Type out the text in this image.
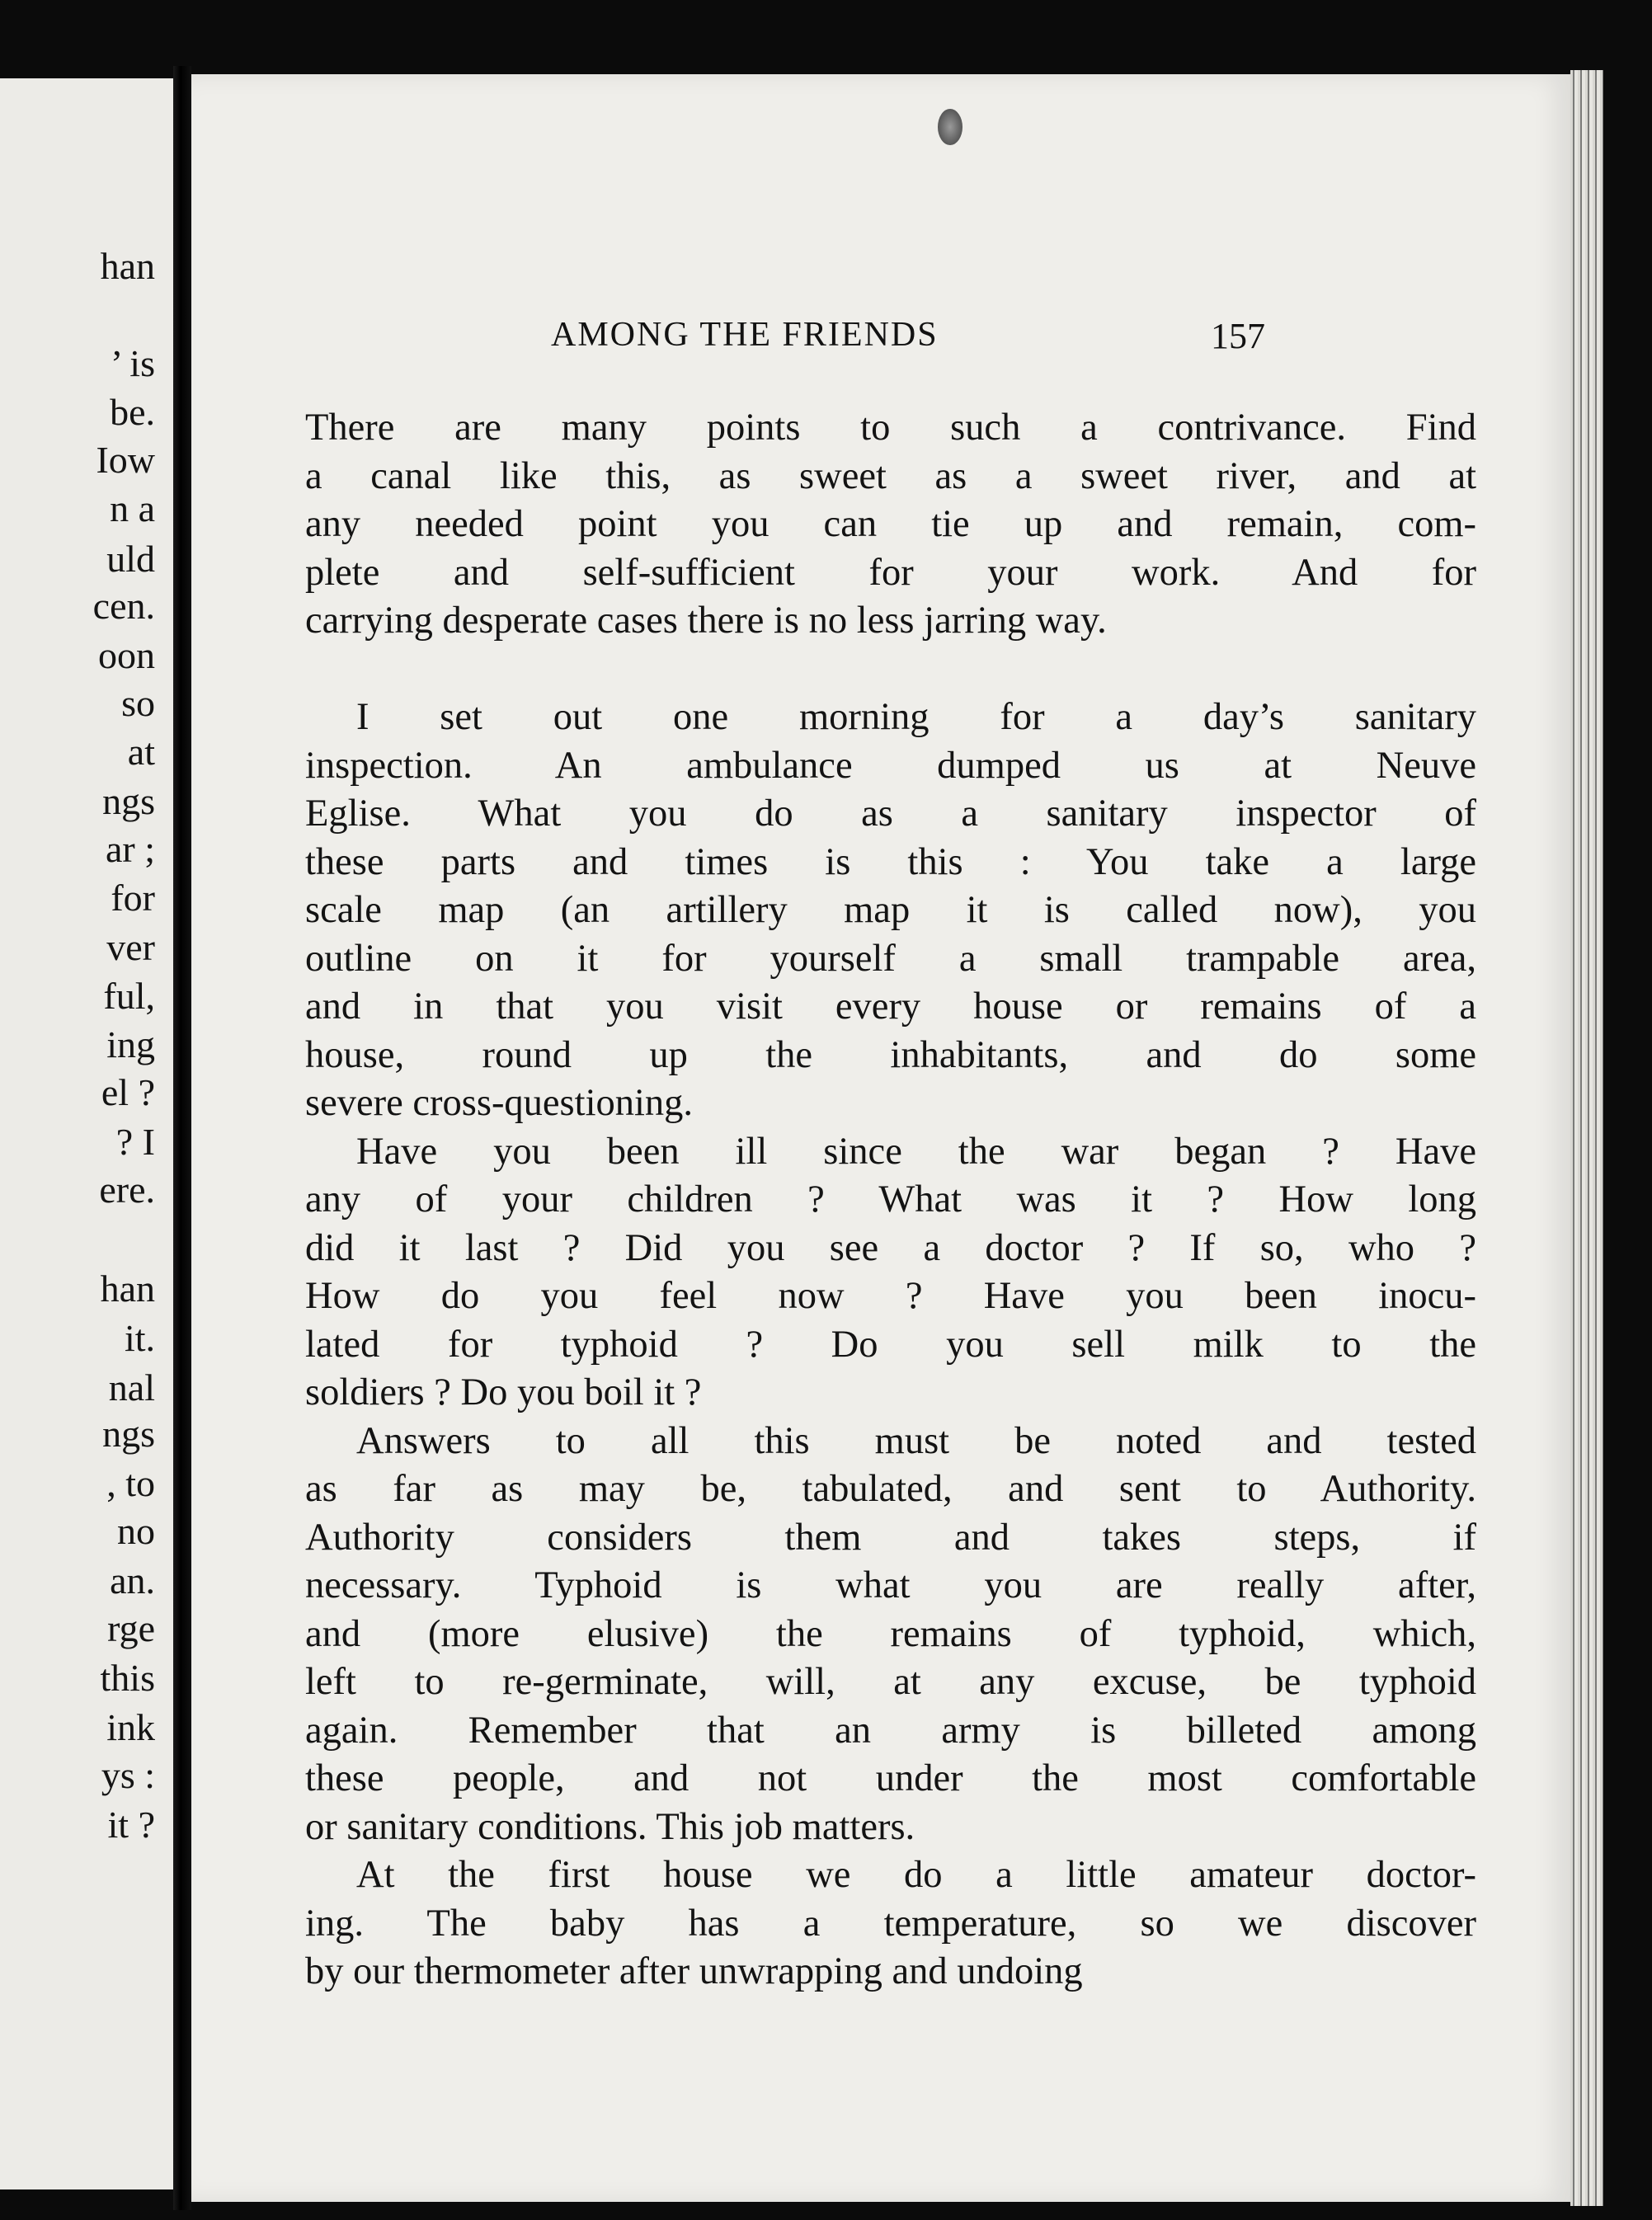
han
’ is
be.
Iow
n a
uld
cen.
oon
so
at
ngs
ar ;
for
ver
ful,
ing
el ?
? I
ere.
han
it.
nal
ngs
, to
no
an.
rge
this
ink
ys :
it ?
AMONG THE FRIENDS	157
There are many points to such a contrivance. Find
a canal like this, as sweet as a sweet river, and at
any needed point you can tie up and remain, com-
plete and self-sufficient for your work. And for
carrying desperate cases there is no less jarring way.
I set out one morning for a day’s sanitary
inspection. An ambulance dumped us at Neuve
Eglise. What you do as a sanitary inspector of
these parts and times is this : You take a large
scale map (an artillery map it is called now), you
outline on it for yourself a small trampable area,
and in that you visit every house or remains of a
house, round up the inhabitants, and do some
severe cross-questioning.
Have you been ill since the war began ? Have
any of your children ? What was it ? How long
did it last ? Did you see a doctor ? If so, who ?
How do you feel now ? Have you been inocu-
lated for typhoid ? Do you sell milk to the
soldiers ? Do you boil it ?
Answers to all this must be noted and tested
as far as may be, tabulated, and sent to Authority.
Authority considers them and takes steps, if
necessary. Typhoid is what you are really after,
and (more elusive) the remains of typhoid, which,
left to re-germinate, will, at any excuse, be typhoid
again. Remember that an army is billeted among
these people, and not under the most comfortable
or sanitary conditions. This job matters.
At the first house we do a little amateur doctor-
ing. The baby has a temperature, so we discover
by our thermometer after unwrapping and undoing
